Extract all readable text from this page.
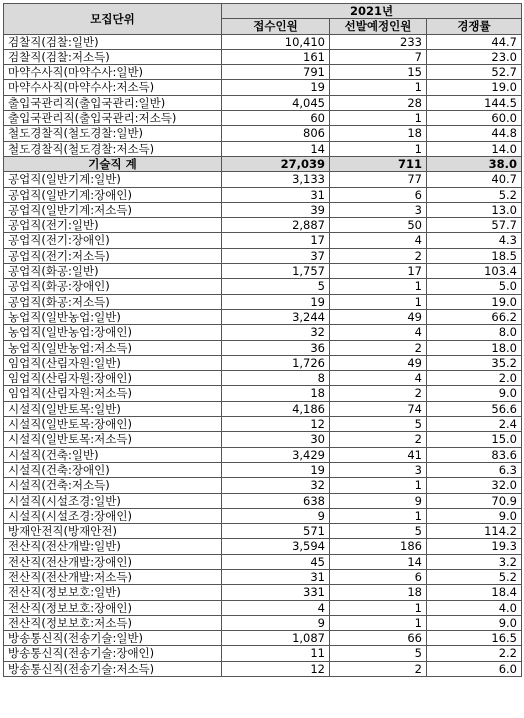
모집단위	2021년		
	접수인원	선발예정인원	경쟁률
검찰직(검찰:일반)	10,410	233	44.7
검찰직(검찰:저소득)	161	7	23.0
마약수사직(마약수사:일반)	791	15	52.7
마약수사직(마약수사:저소득)	19	1	19.0
출입국관리직(출입국관리:일반)	4,045	28	144.5
출입국관리직(출입국관리:저소득)	60	1	60.0
철도경찰직(철도경찰:일반)	806	18	44.8
철도경찰직(철도경찰:저소득)	14	1	14.0
기술직 계	27,039	711	38.0
공업직(일반기계:일반)	3,133	77	40.7
공업직(일반기계:장애인)	31	6	5.2
공업직(일반기계:저소득)	39	3	13.0
공업직(전기:일반)	2,887	50	57.7
공업직(전기:장애인)	17	4	4.3
공업직(전기:저소득)	37	2	18.5
공업직(화공:일반)	1,757	17	103.4
공업직(화공:장애인)	5	1	5.0
공업직(화공:저소득)	19	1	19.0
농업직(일반농업:일반)	3,244	49	66.2
농업직(일반농업:장애인)	32	4	8.0
농업직(일반농업:저소득)	36	2	18.0
임업직(산림자원:일반)	1,726	49	35.2
임업직(산림자원:장애인)	8	4	2.0
임업직(산림자원:저소득)	18	2	9.0
시설직(일반토목:일반)	4,186	74	56.6
시설직(일반토목:장애인)	12	5	2.4
시설직(일반토목:저소득)	30	2	15.0
시설직(건축:일반)	3,429	41	83.6
시설직(건축:장애인)	19	3	6.3
시설직(건축:저소득)	32	1	32.0
시설직(시설조경:일반)	638	9	70.9
시설직(시설조경:장애인)	9	1	9.0
방재안전직(방재안전)	571	5	114.2
전산직(전산개발:일반)	3,594	186	19.3
전산직(전산개발:장애인)	45	14	3.2
전산직(전산개발:저소득)	31	6	5.2
전산직(정보보호:일반)	331	18	18.4
전산직(정보보호:장애인)	4	1	4.0
전산직(정보보호:저소득)	9	1	9.0
방송통신직(전송기술:일반)	1,087	66	16.5
방송통신직(전송기술:장애인)	11	5	2.2
방송통신직(전송기술:저소득)	12	2	6.0
